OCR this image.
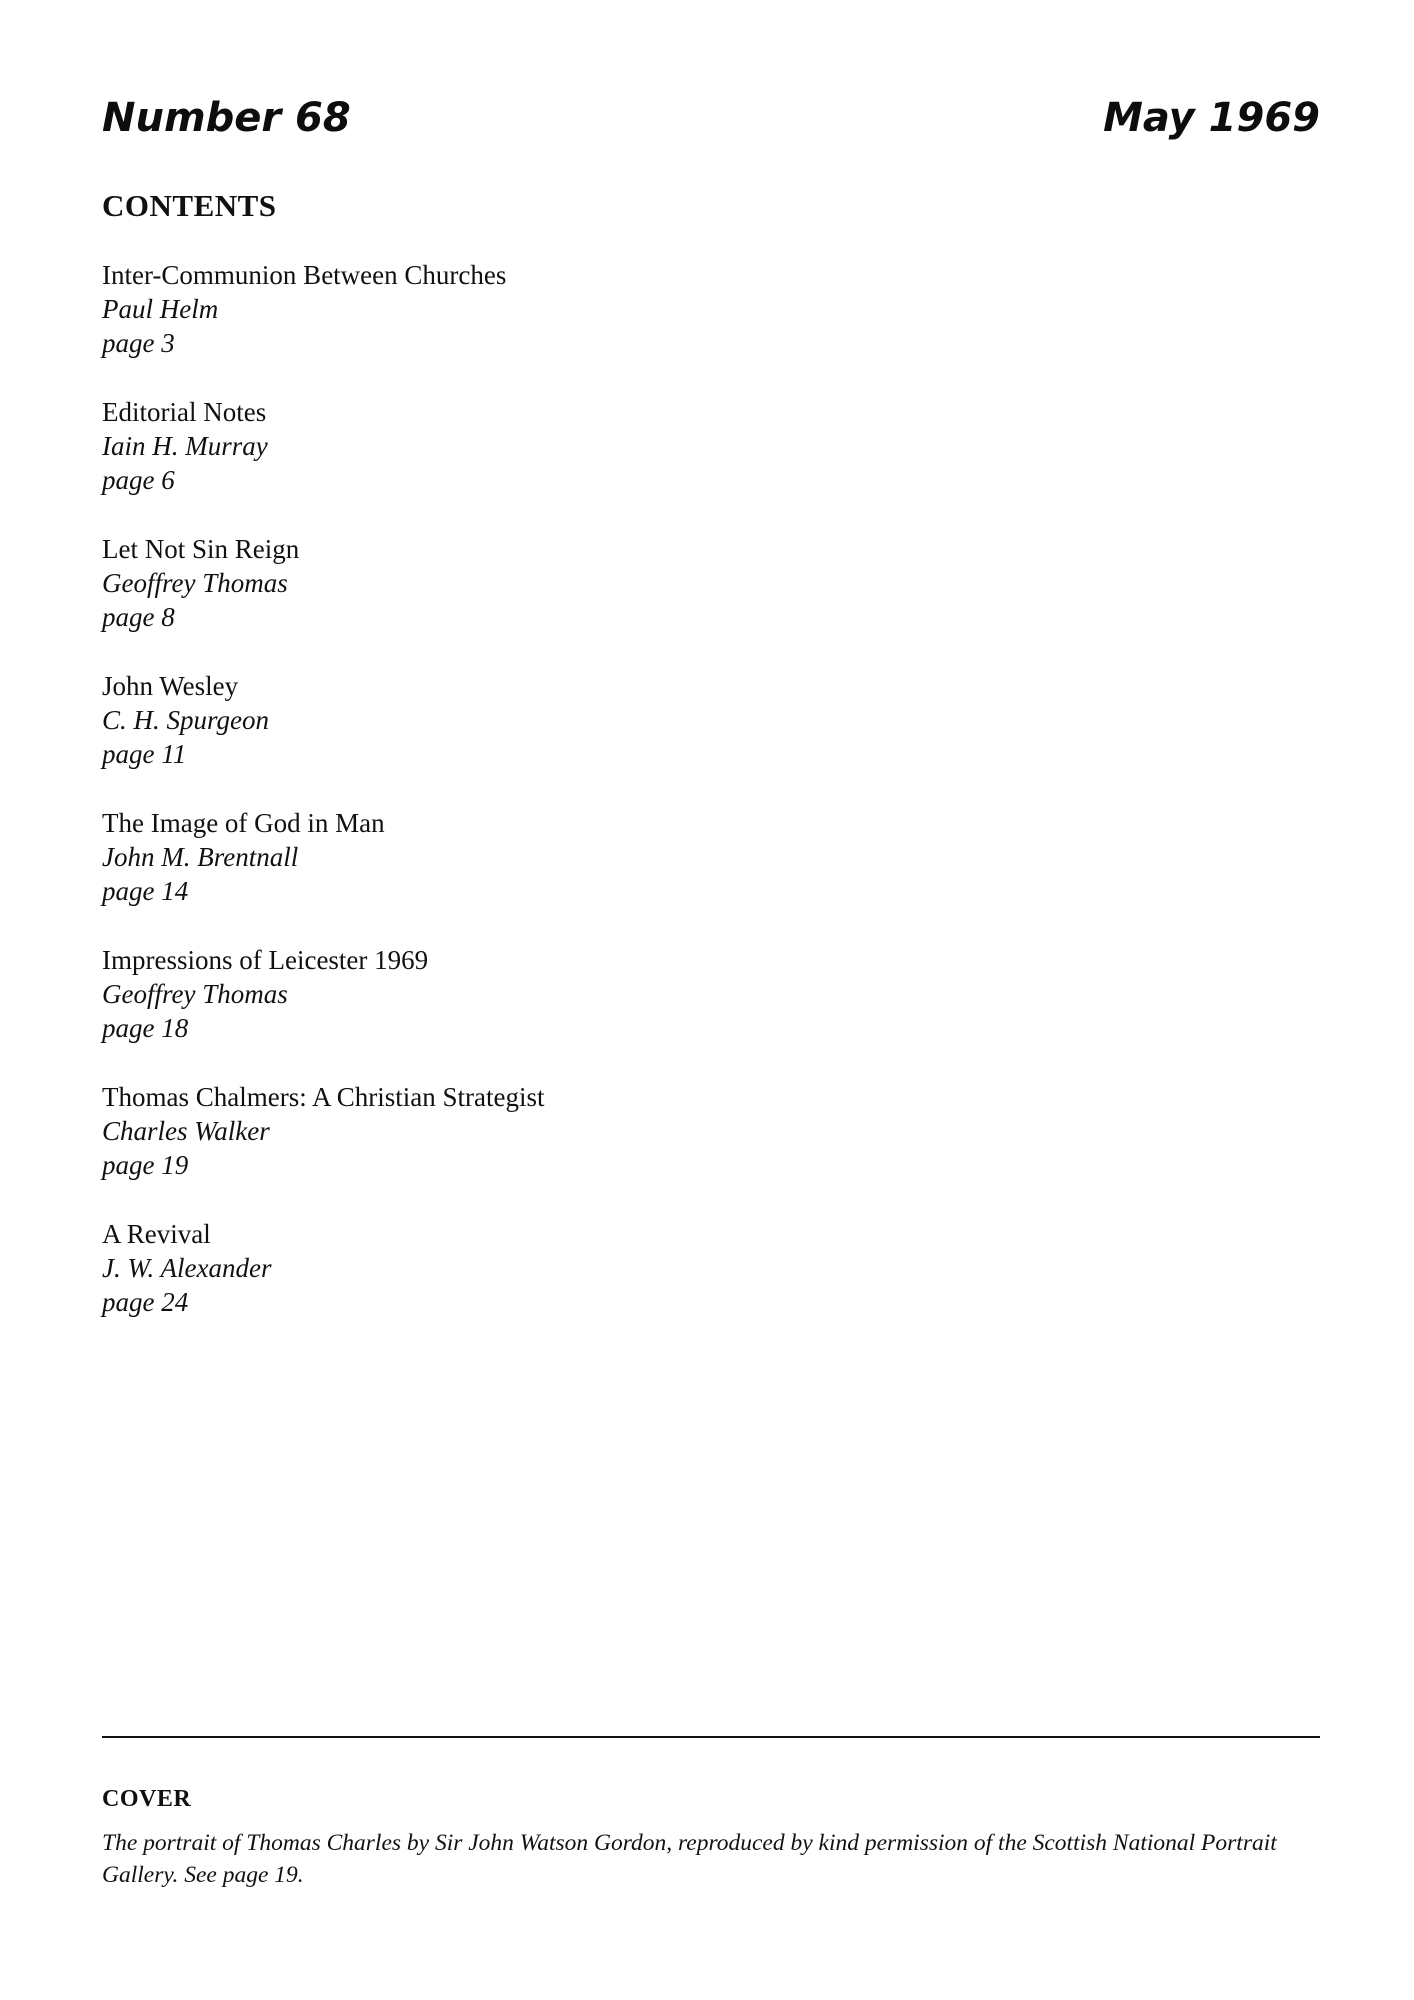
Number 68	May 1969
CONTENTS
Inter-Communion Between Churches
Paul Helm
page 3
Editorial Notes
Iain H. Murray
page 6
Let Not Sin Reign
Geoffrey Thomas
page 8
John Wesley
C. H. Spurgeon
page 11
The Image of God in Man
John M. Brentnall
page 14
Impressions of Leicester 1969
Geoffrey Thomas
page 18
Thomas Chalmers: A Christian Strategist
Charles Walker
page 19
A Revival
J. W. Alexander
page 24
COVER

The portrait of Thomas Charles by Sir John Watson Gordon, reproduced by kind permission of the Scottish National Portrait Gallery. See page 19.
